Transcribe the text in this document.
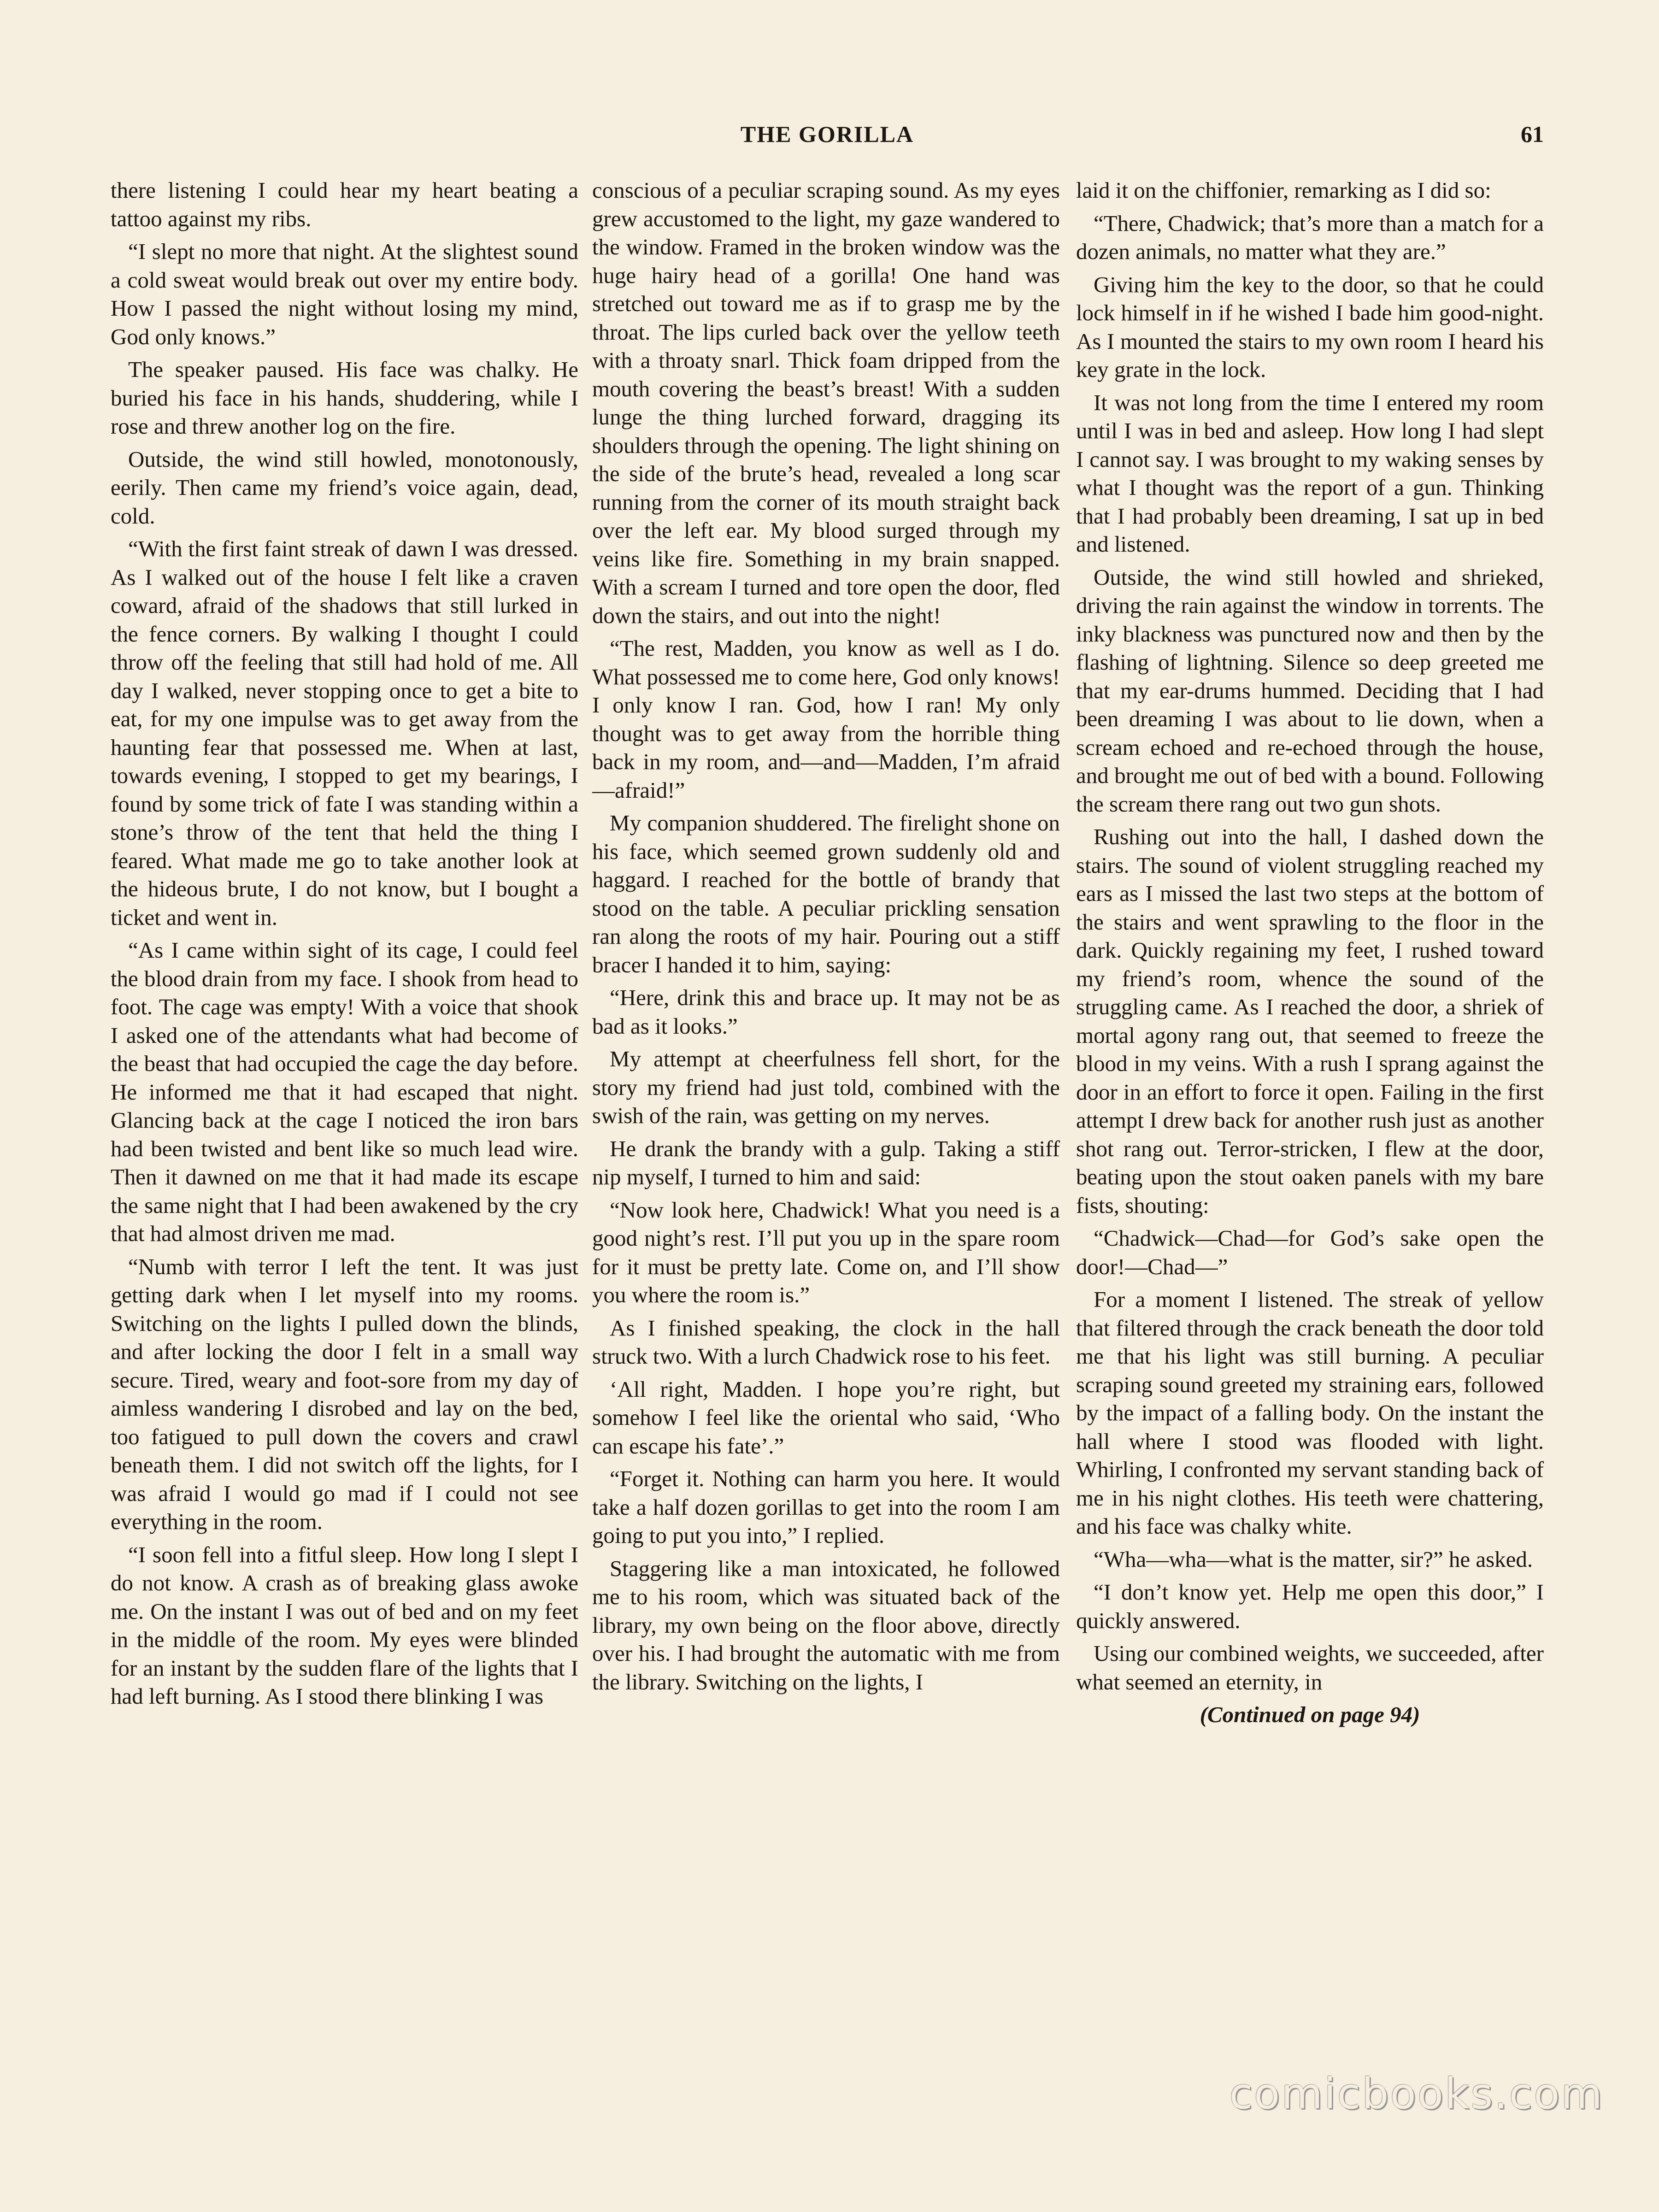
THE GORILLA	61

there listening I could hear my heart beating a tattoo against my ribs.

“I slept no more that night. At the slightest sound a cold sweat would break out over my entire body. How I passed the night without losing my mind, God only knows.”

The speaker paused. His face was chalky. He buried his face in his hands, shuddering, while I rose and threw another log on the fire.

Outside, the wind still howled, monotonously, eerily. Then came my friend’s voice again, dead, cold.

“With the first faint streak of dawn I was dressed. As I walked out of the house I felt like a craven coward, afraid of the shadows that still lurked in the fence corners. By walking I thought I could throw off the feeling that still had hold of me. All day I walked, never stopping once to get a bite to eat, for my one impulse was to get away from the haunting fear that possessed me. When at last, towards evening, I stopped to get my bearings, I found by some trick of fate I was standing within a stone’s throw of the tent that held the thing I feared. What made me go to take another look at the hideous brute, I do not know, but I bought a ticket and went in.

“As I came within sight of its cage, I could feel the blood drain from my face. I shook from head to foot. The cage was empty! With a voice that shook I asked one of the attendants what had become of the beast that had occupied the cage the day before. He informed me that it had escaped that night. Glancing back at the cage I noticed the iron bars had been twisted and bent like so much lead wire. Then it dawned on me that it had made its escape the same night that I had been awakened by the cry that had almost driven me mad.

“Numb with terror I left the tent. It was just getting dark when I let myself into my rooms. Switching on the lights I pulled down the blinds, and after locking the door I felt in a small way secure. Tired, weary and foot-sore from my day of aimless wandering I disrobed and lay on the bed, too fatigued to pull down the covers and crawl beneath them. I did not switch off the lights, for I was afraid I would go mad if I could not see everything in the room.

“I soon fell into a fitful sleep. How long I slept I do not know. A crash as of breaking glass awoke me. On the instant I was out of bed and on my feet in the middle of the room. My eyes were blinded for an instant by the sudden flare of the lights that I had left burning. As I stood there blinking I was

conscious of a peculiar scraping sound. As my eyes grew accustomed to the light, my gaze wandered to the window. Framed in the broken window was the huge hairy head of a gorilla! One hand was stretched out toward me as if to grasp me by the throat. The lips curled back over the yellow teeth with a throaty snarl. Thick foam dripped from the mouth covering the beast’s breast! With a sudden lunge the thing lurched forward, dragging its shoulders through the opening. The light shining on the side of the brute’s head, revealed a long scar running from the corner of its mouth straight back over the left ear. My blood surged through my veins like fire. Something in my brain snapped. With a scream I turned and tore open the door, fled down the stairs, and out into the night!

“The rest, Madden, you know as well as I do. What possessed me to come here, God only knows! I only know I ran. God, how I ran! My only thought was to get away from the horrible thing back in my room, and—and—Madden, I’m afraid—afraid!”

My companion shuddered. The firelight shone on his face, which seemed grown suddenly old and haggard. I reached for the bottle of brandy that stood on the table. A peculiar prickling sensation ran along the roots of my hair. Pouring out a stiff bracer I handed it to him, saying:

“Here, drink this and brace up. It may not be as bad as it looks.”

My attempt at cheerfulness fell short, for the story my friend had just told, combined with the swish of the rain, was getting on my nerves.

He drank the brandy with a gulp. Taking a stiff nip myself, I turned to him and said:

“Now look here, Chadwick! What you need is a good night’s rest. I’ll put you up in the spare room for it must be pretty late. Come on, and I’ll show you where the room is.”

As I finished speaking, the clock in the hall struck two. With a lurch Chadwick rose to his feet.

‘All right, Madden. I hope you’re right, but somehow I feel like the oriental who said, ‘Who can escape his fate’.”

“Forget it. Nothing can harm you here. It would take a half dozen gorillas to get into the room I am going to put you into,” I replied.

Staggering like a man intoxicated, he followed me to his room, which was situated back of the library, my own being on the floor above, directly over his. I had brought the automatic with me from the library. Switching on the lights, I

laid it on the chiffonier, remarking as I did so:

“There, Chadwick; that’s more than a match for a dozen animals, no matter what they are.”

Giving him the key to the door, so that he could lock himself in if he wished I bade him good-night. As I mounted the stairs to my own room I heard his key grate in the lock.

It was not long from the time I entered my room until I was in bed and asleep. How long I had slept I cannot say. I was brought to my waking senses by what I thought was the report of a gun. Thinking that I had probably been dreaming, I sat up in bed and listened.

Outside, the wind still howled and shrieked, driving the rain against the window in torrents. The inky blackness was punctured now and then by the flashing of lightning. Silence so deep greeted me that my ear-drums hummed. Deciding that I had been dreaming I was about to lie down, when a scream echoed and re-echoed through the house, and brought me out of bed with a bound. Following the scream there rang out two gun shots.

Rushing out into the hall, I dashed down the stairs. The sound of violent struggling reached my ears as I missed the last two steps at the bottom of the stairs and went sprawling to the floor in the dark. Quickly regaining my feet, I rushed toward my friend’s room, whence the sound of the struggling came. As I reached the door, a shriek of mortal agony rang out, that seemed to freeze the blood in my veins. With a rush I sprang against the door in an effort to force it open. Failing in the first attempt I drew back for another rush just as another shot rang out. Terror-stricken, I flew at the door, beating upon the stout oaken panels with my bare fists, shouting:

“Chadwick—Chad—for God’s sake open the door!—Chad—”

For a moment I listened. The streak of yellow that filtered through the crack beneath the door told me that his light was still burning. A peculiar scraping sound greeted my straining ears, followed by the impact of a falling body. On the instant the hall where I stood was flooded with light. Whirling, I confronted my servant standing back of me in his night clothes. His teeth were chattering, and his face was chalky white.

“Wha—wha—what is the matter, sir?” he asked.

“I don’t know yet. Help me open this door,” I quickly answered.

Using our combined weights, we succeeded, after what seemed an eternity, in

(Continued on page 94)

comicbooks.com
